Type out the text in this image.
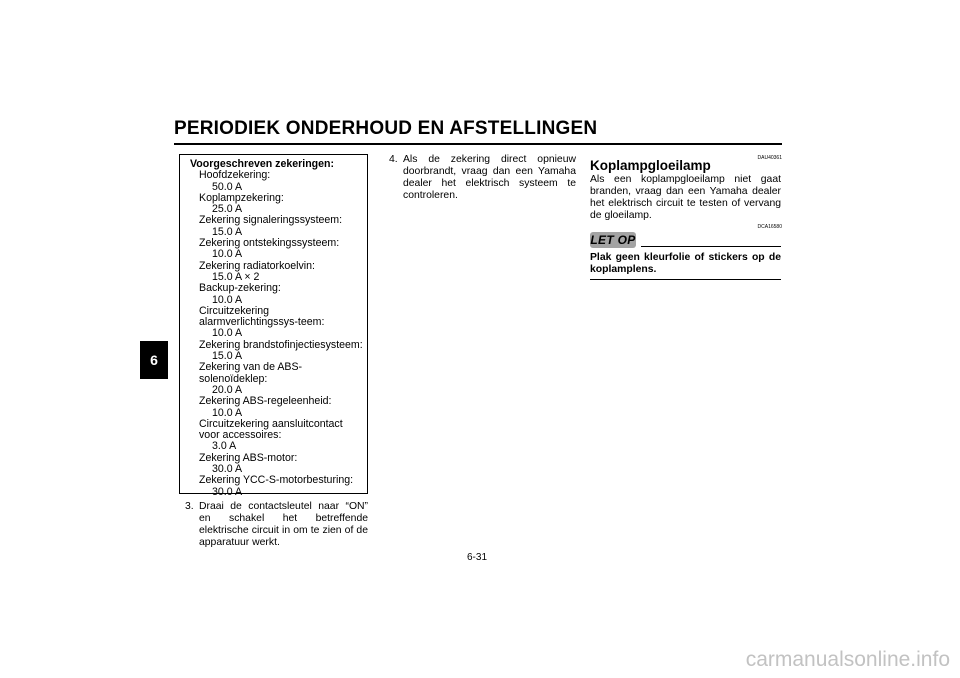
PERIODIEK ONDERHOUD EN AFSTELLINGEN
6
Voorgeschreven zekeringen:
Hoofdzekering:
50.0 A
Koplampzekering:
25.0 A
Zekering signaleringssysteem:
15.0 A
Zekering ontstekingssysteem:
10.0 A
Zekering radiatorkoelvin:
15.0 A × 2
Backup-zekering:
10.0 A
Circuitzekering alarmverlichtingssys-teem:
10.0 A
Zekering brandstofinjectiesysteem:
15.0 A
Zekering van de ABS-solenoïdeklep:
20.0 A
Zekering ABS-regeleenheid:
10.0 A
Circuitzekering aansluitcontact voor accessoires:
3.0 A
Zekering ABS-motor:
30.0 A
Zekering YCC-S-motorbesturing:
30.0 A
3. Draai de contactsleutel naar “ON” en schakel het betreffende elektrische circuit in om te zien of de apparatuur werkt.
4. Als de zekering direct opnieuw doorbrandt, vraag dan een Yamaha dealer het elektrisch systeem te controleren.
DAU40361
Koplampgloeilamp
Als een koplampgloeilamp niet gaat branden, vraag dan een Yamaha dealer het elektrisch circuit te testen of vervang de gloeilamp.
DCA16580
LET OP
Plak geen kleurfolie of stickers op de koplamplens.
6-31
carmanualsonline.info
